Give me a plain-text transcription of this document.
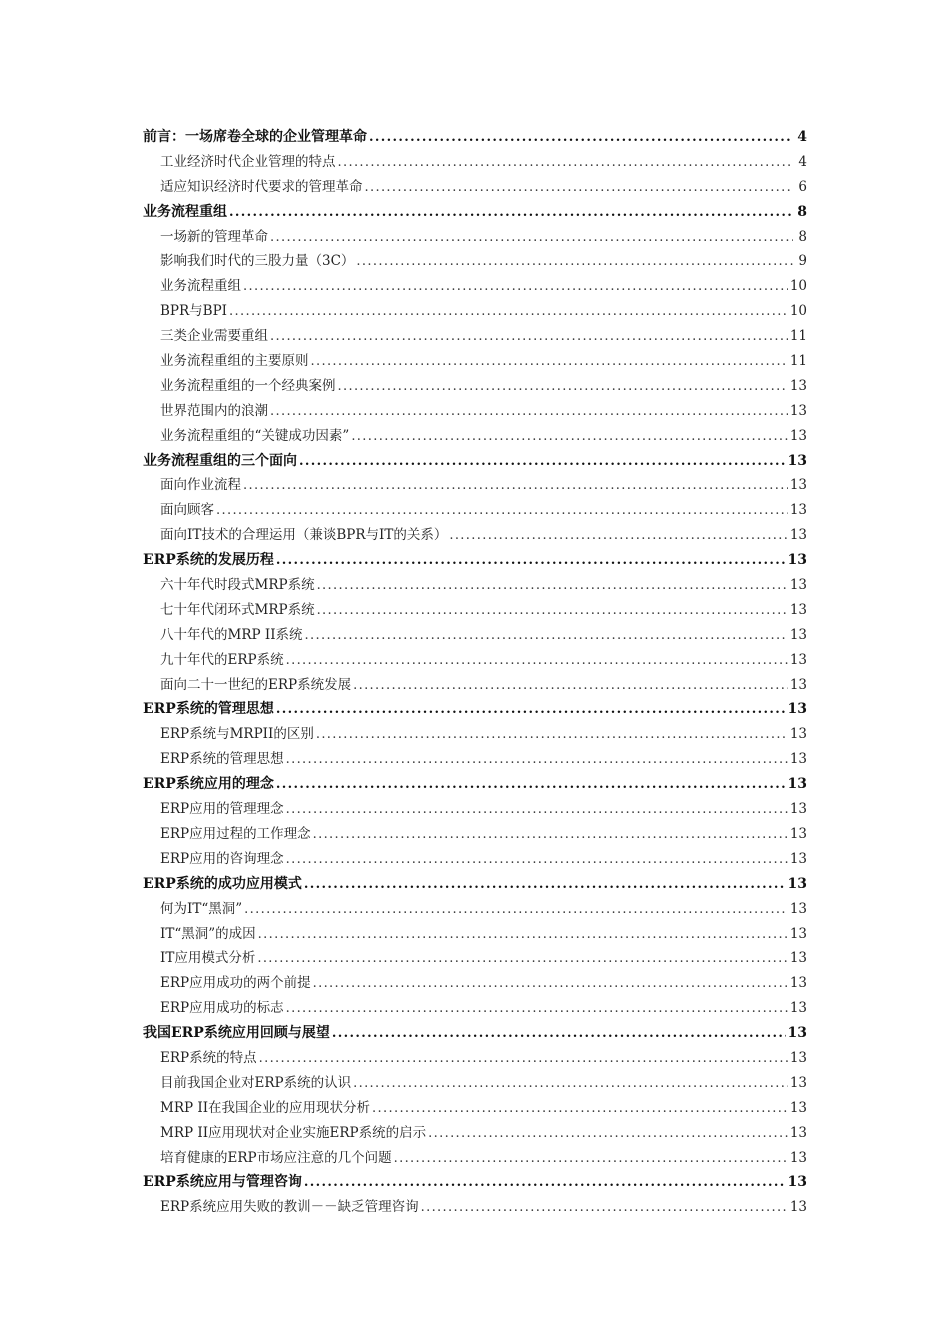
前言：一场席卷全球的企业管理革命 .....	4
工业经济时代企业管理的特点 .....	4
适应知识经济时代要求的管理革命 .....	6
业务流程重组 .....	8
一场新的管理革命 .....	8
影响我们时代的三股力量（3C） .....	9
业务流程重组 .....	10
BPR与BPI .....	10
三类企业需要重组 .....	11
业务流程重组的主要原则 .....	11
业务流程重组的一个经典案例 .....	13
世界范围内的浪潮 .....	13
业务流程重组的“关键成功因素” .....	13
业务流程重组的三个面向 .....	13
面向作业流程 .....	13
面向顾客 .....	13
面向IT技术的合理运用（兼谈BPR与IT的关系） .....	13
ERP系统的发展历程 .....	13
六十年代时段式MRP系统 .....	13
七十年代闭环式MRP系统 .....	13
八十年代的MRP II系统 .....	13
九十年代的ERP系统 .....	13
面向二十一世纪的ERP系统发展 .....	13
ERP系统的管理思想 .....	13
ERP系统与MRPII的区别 .....	13
ERP系统的管理思想 .....	13
ERP系统应用的理念 .....	13
ERP应用的管理理念 .....	13
ERP应用过程的工作理念 .....	13
ERP应用的咨询理念 .....	13
ERP系统的成功应用模式 .....	13
何为IT“黑洞” .....	13
IT“黑洞”的成因 .....	13
IT应用模式分析 .....	13
ERP应用成功的两个前提 .....	13
ERP应用成功的标志 .....	13
我国ERP系统应用回顾与展望 .....	13
ERP系统的特点 .....	13
目前我国企业对ERP系统的认识 .....	13
MRP II在我国企业的应用现状分析 .....	13
MRP II应用现状对企业实施ERP系统的启示 .....	13
培育健康的ERP市场应注意的几个问题 .....	13
ERP系统应用与管理咨询 .....	13
ERP系统应用失败的教训－－缺乏管理咨询 .....	13
